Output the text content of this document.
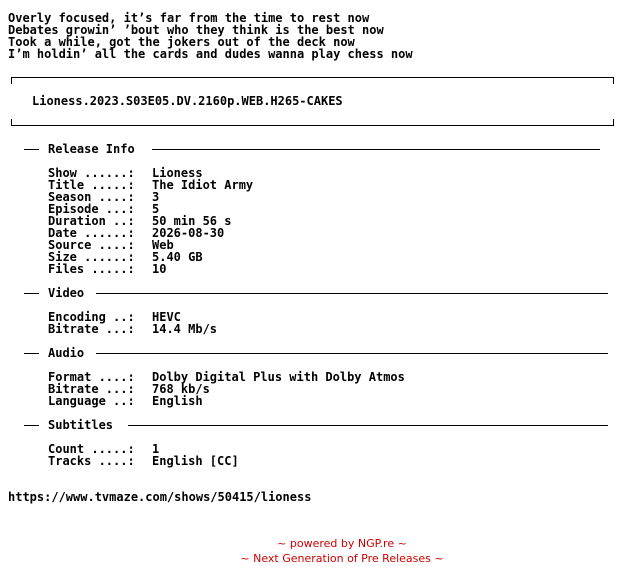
Overly focused, it’s far from the time to rest now
Debates growin’ ’bout who they think is the best now
Took a while, got the jokers out of the deck now
I’m holdin’ all the cards and dudes wanna play chess now
Lioness.2023.S03E05.DV.2160p.WEB.H265-CAKES
Release Info
Show ......: Lioness
Title .....: The Idiot Army
Season ....: 3
Episode ...: 5
Duration ..: 50 min 56 s
Date ......: 2026-08-30
Source ....: Web
Size ......: 5.40 GB
Files .....: 10
Video
Encoding ..: HEVC
Bitrate ...: 14.4 Mb/s
Audio
Format ....: Dolby Digital Plus with Dolby Atmos
Bitrate ...: 768 kb/s
Language ..: English
Subtitles
Count .....: 1
Tracks ....: English [CC]
https://www.tvmaze.com/shows/50415/lioness
~ powered by NGP.re ~
~ Next Generation of Pre Releases ~
